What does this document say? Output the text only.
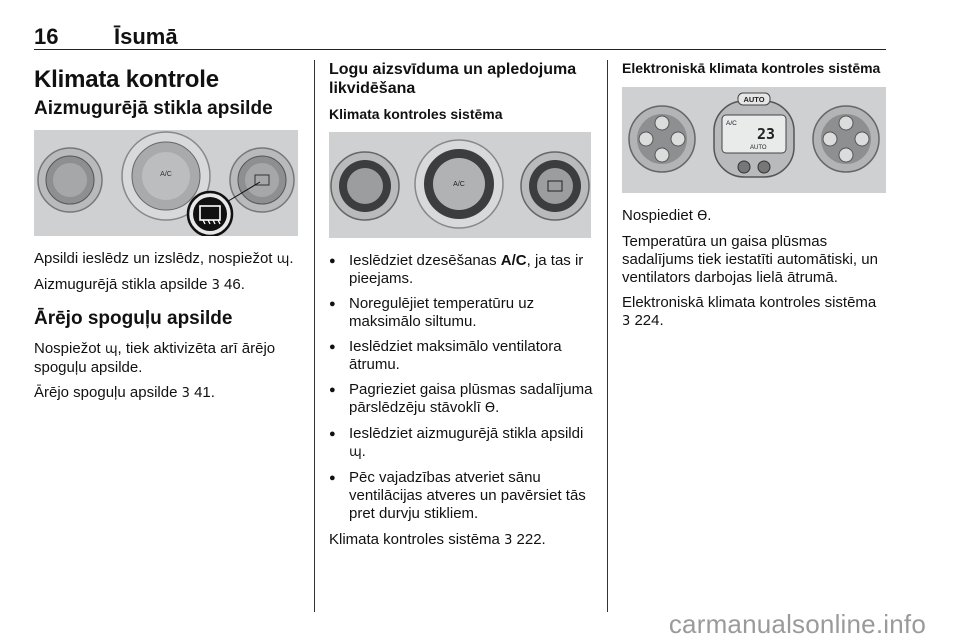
16	Īsumā
Klimata kontrole
Aizmugurējā stikla apsilde
A/C

Apsildi ieslēdz un izslēdz, nospiežot ɰ.

Aizmugurējā stikla apsilde 3 46.

Ārējo spoguļu apsilde

Nospiežot ɰ, tiek aktivizēta arī ārējo spoguļu apsilde.

Ārējo spoguļu apsilde 3 41.

Logu aizsvīduma un apledojuma likvidēšana
Klimata kontroles sistēma
A/C
● Ieslēdziet dzesēšanas A/C, ja tas ir pieejams.
● Noregulējiet temperatūru uz maksimālo siltumu.
● Ieslēdziet maksimālo ventilatora ātrumu.
● Pagrieziet gaisa plūsmas sadalījuma pārslēdzēju stāvoklī Ɵ.
● Ieslēdziet aizmugurējā stikla apsildi ɰ.
● Pēc vajadzības atveriet sānu ventilācijas atveres un pavērsiet tās pret durvju stikliem.

Klimata kontroles sistēma 3 222.

Elektroniskā klimata kontroles sistēma
AUTO
A/C
23
AUTO

Nospiediet Ɵ.

Temperatūra un gaisa plūsmas sadalījums tiek iestatīti automātiski, un ventilators darbojas lielā ātrumā.

Elektroniskā klimata kontroles sistēma 3 224.

carmanualsonline.info
